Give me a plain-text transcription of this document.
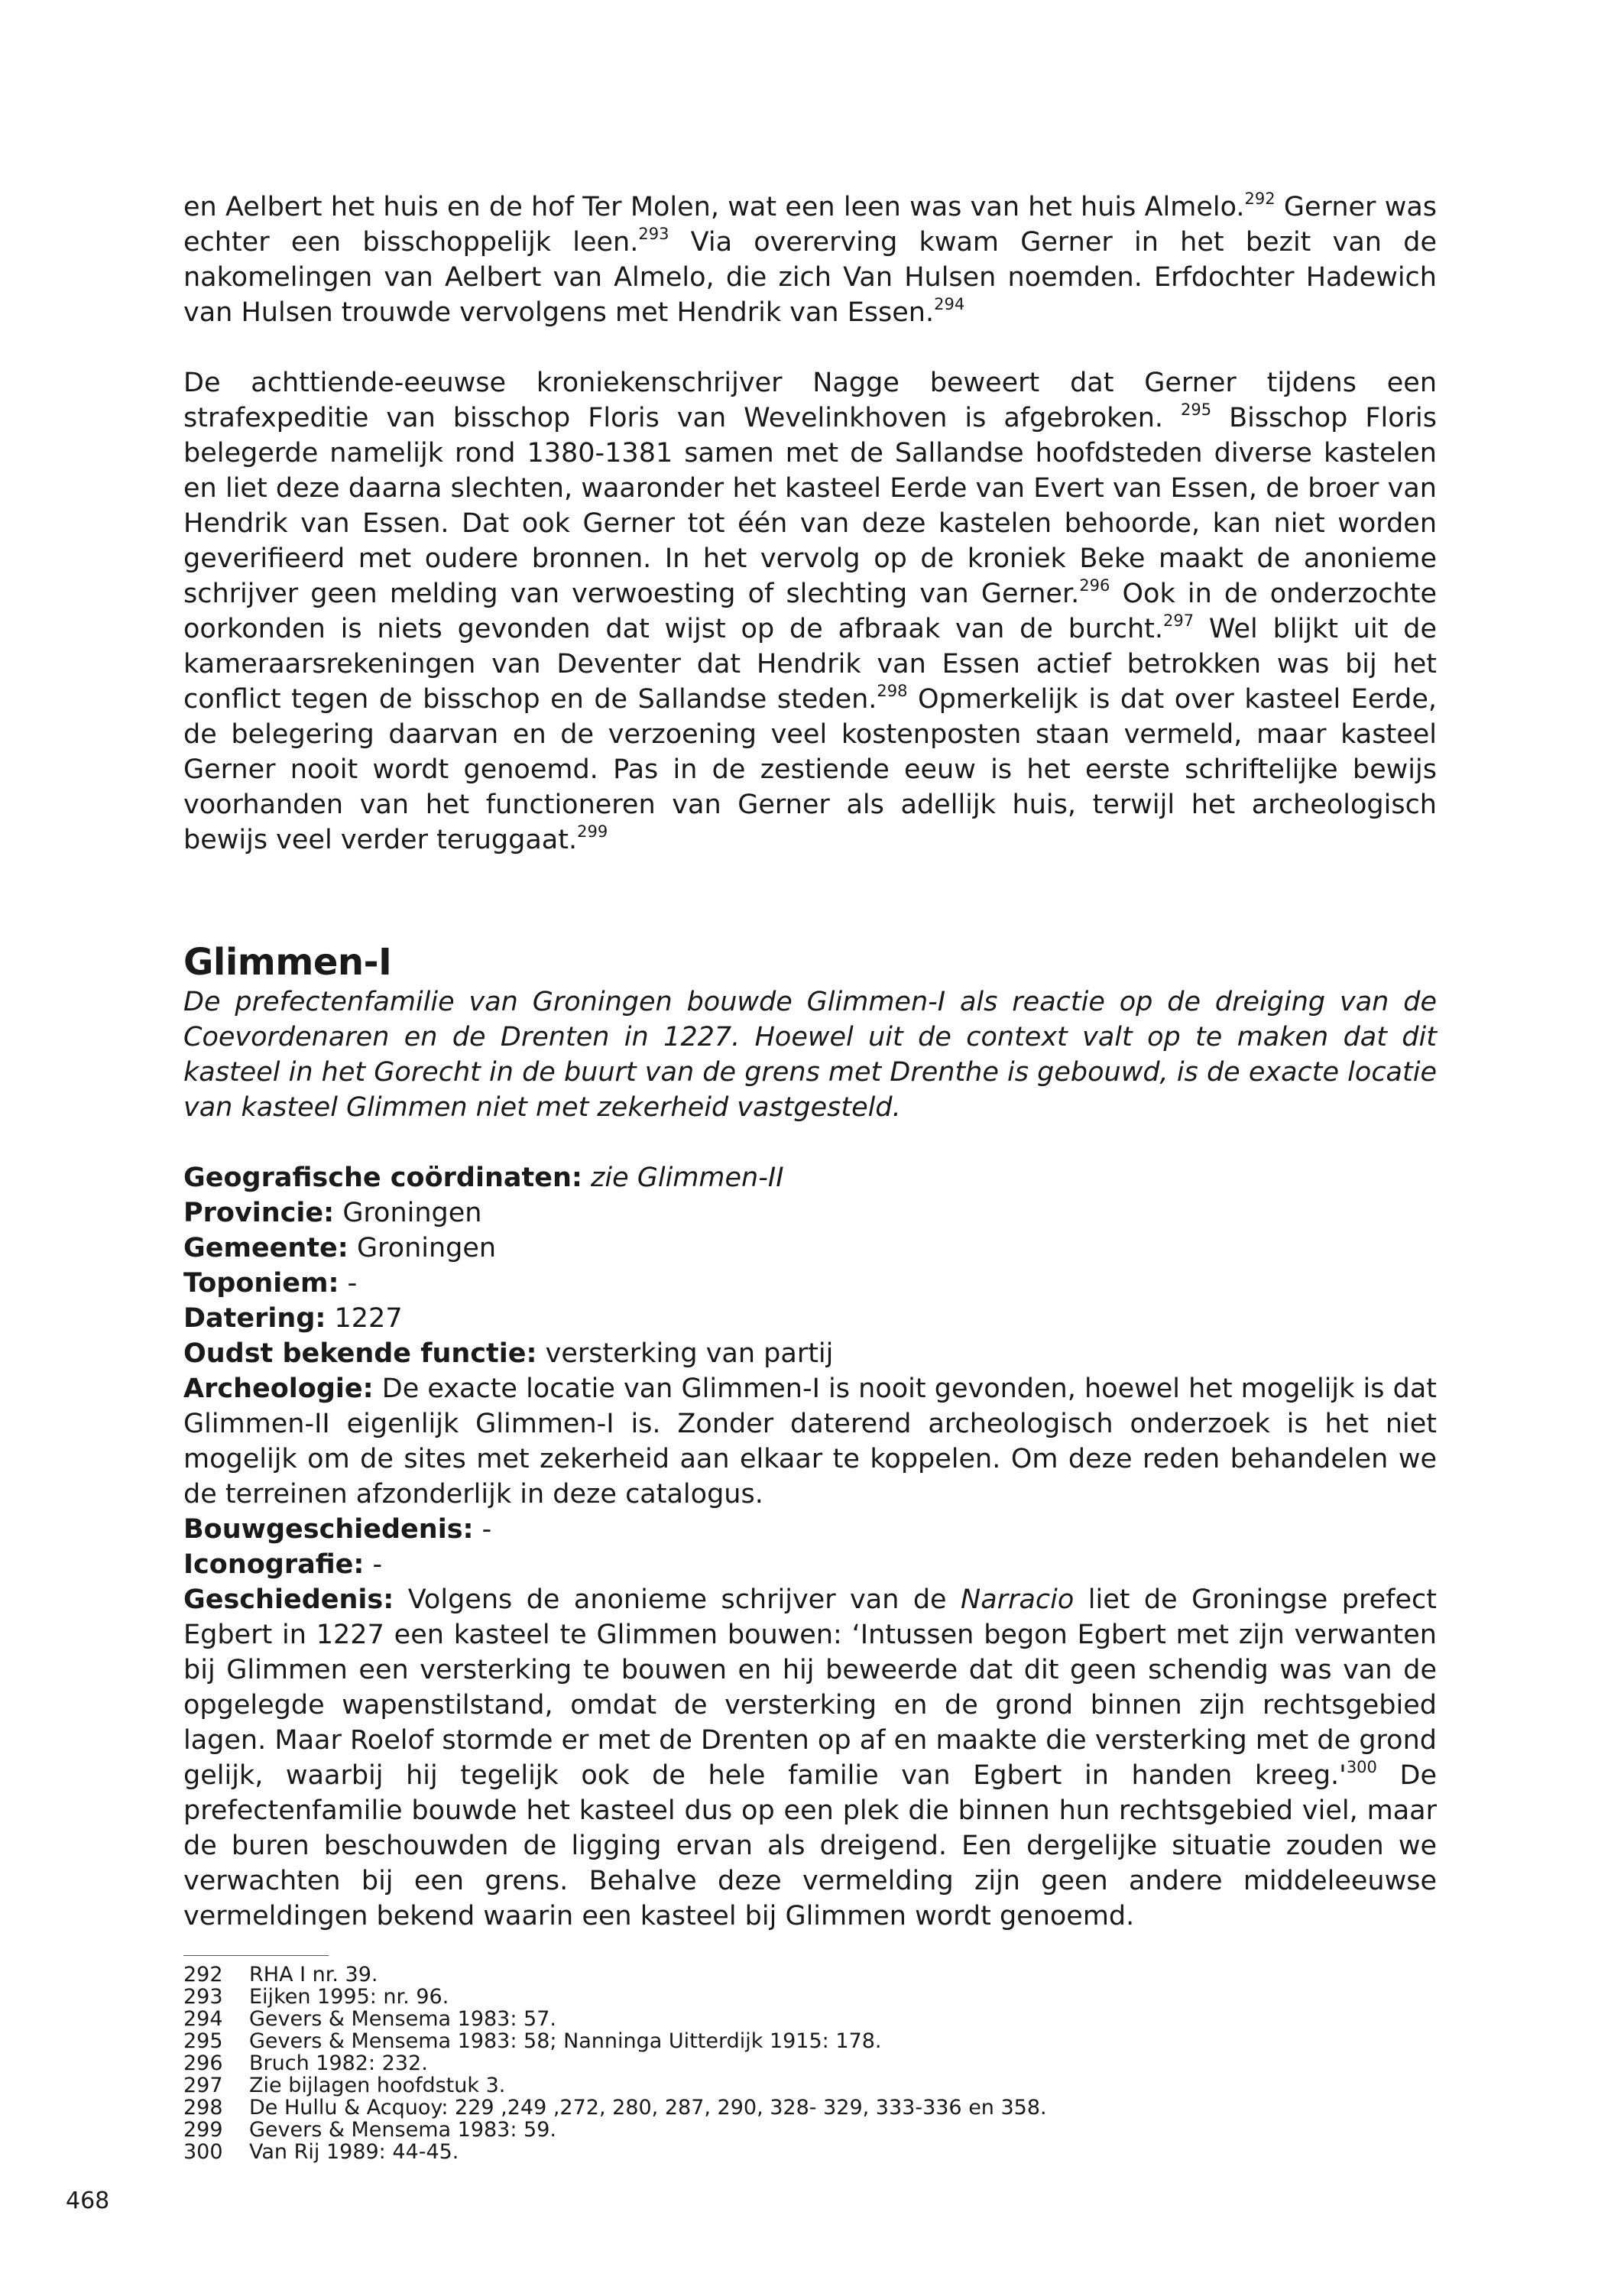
en Aelbert het huis en de hof Ter Molen, wat een leen was van het huis Almelo.$^{292}$ Gerner was echter een bisschoppelijk leen.$^{293}$ Via overerving kwam Gerner in het bezit van de nakomelingen van Aelbert van Almelo, die zich Van Hulsen noemden. Erfdochter Hadewich van Hulsen trouwde vervolgens met Hendrik van Essen.$^{294}$

De achttiende-eeuwse kroniekenschrijver Nagge beweert dat Gerner tijdens een strafexpeditie van bisschop Floris van Wevelinkhoven is afgebroken. $^{295}$ Bisschop Floris belegerde namelijk rond 1380-1381 samen met de Sallandse hoofdsteden diverse kastelen en liet deze daarna slechten, waaronder het kasteel Eerde van Evert van Essen, de broer van Hendrik van Essen. Dat ook Gerner tot één van deze kastelen behoorde, kan niet worden geverifieerd met oudere bronnen. In het vervolg op de kroniek Beke maakt de anonieme schrijver geen melding van verwoesting of slechting van Gerner.$^{296}$ Ook in de onderzochte oorkonden is niets gevonden dat wijst op de afbraak van de burcht.$^{297}$ Wel blijkt uit de kameraarsrekeningen van Deventer dat Hendrik van Essen actief betrokken was bij het conflict tegen de bisschop en de Sallandse steden.$^{298}$ Opmerkelijk is dat over kasteel Eerde, de belegering daarvan en de verzoening veel kostenposten staan vermeld, maar kasteel Gerner nooit wordt genoemd. Pas in de zestiende eeuw is het eerste schriftelijke bewijs voorhanden van het functioneren van Gerner als adellijk huis, terwijl het archeologisch bewijs veel verder teruggaat.$^{299}$

Glimmen-I

De prefectenfamilie van Groningen bouwde Glimmen-I als reactie op de dreiging van de Coevordenaren en de Drenten in 1227. Hoewel uit de context valt op te maken dat dit kasteel in het Gorecht in de buurt van de grens met Drenthe is gebouwd, is de exacte locatie van kasteel Glimmen niet met zekerheid vastgesteld.

Geografische coördinaten: zie Glimmen-II
Provincie: Groningen
Gemeente: Groningen
Toponiem: -
Datering: 1227
Oudst bekende functie: versterking van partij
Archeologie: De exacte locatie van Glimmen-I is nooit gevonden, hoewel het mogelijk is dat Glimmen-II eigenlijk Glimmen-I is. Zonder daterend archeologisch onderzoek is het niet mogelijk om de sites met zekerheid aan elkaar te koppelen. Om deze reden behandelen we de terreinen afzonderlijk in deze catalogus.
Bouwgeschiedenis: -
Iconografie: -
Geschiedenis: Volgens de anonieme schrijver van de Narracio liet de Groningse prefect Egbert in 1227 een kasteel te Glimmen bouwen: ‘Intussen begon Egbert met zijn verwanten bij Glimmen een versterking te bouwen en hij beweerde dat dit geen schendig was van de opgelegde wapenstilstand, omdat de versterking en de grond binnen zijn rechtsgebied lagen. Maar Roelof stormde er met de Drenten op af en maakte die versterking met de grond gelijk, waarbij hij tegelijk ook de hele familie van Egbert in handen $kreeg.'^{300}$ De prefectenfamilie bouwde het kasteel dus op een plek die binnen hun rechtsgebied viel, maar de buren beschouwden de ligging ervan als dreigend. Een dergelijke situatie zouden we verwachten bij een grens. Behalve deze vermelding zijn geen andere middeleeuwse vermeldingen bekend waarin een kasteel bij Glimmen wordt genoemd.
292	RHA I nr. 39.
293	Eijken 1995: nr. 96.
294	Gevers & Mensema 1983: 57.
295	Gevers & Mensema 1983: 58; Nanninga Uitterdijk 1915: 178.
296	Bruch 1982: 232.
297	Zie bijlagen hoofdstuk 3.
298	De Hullu & Acquoy: 229 ,249 ,272, 280, 287, 290, 328- 329, 333-336 en 358.
299	Gevers & Mensema 1983: 59.
300	Van Rij 1989: 44-45.
468
